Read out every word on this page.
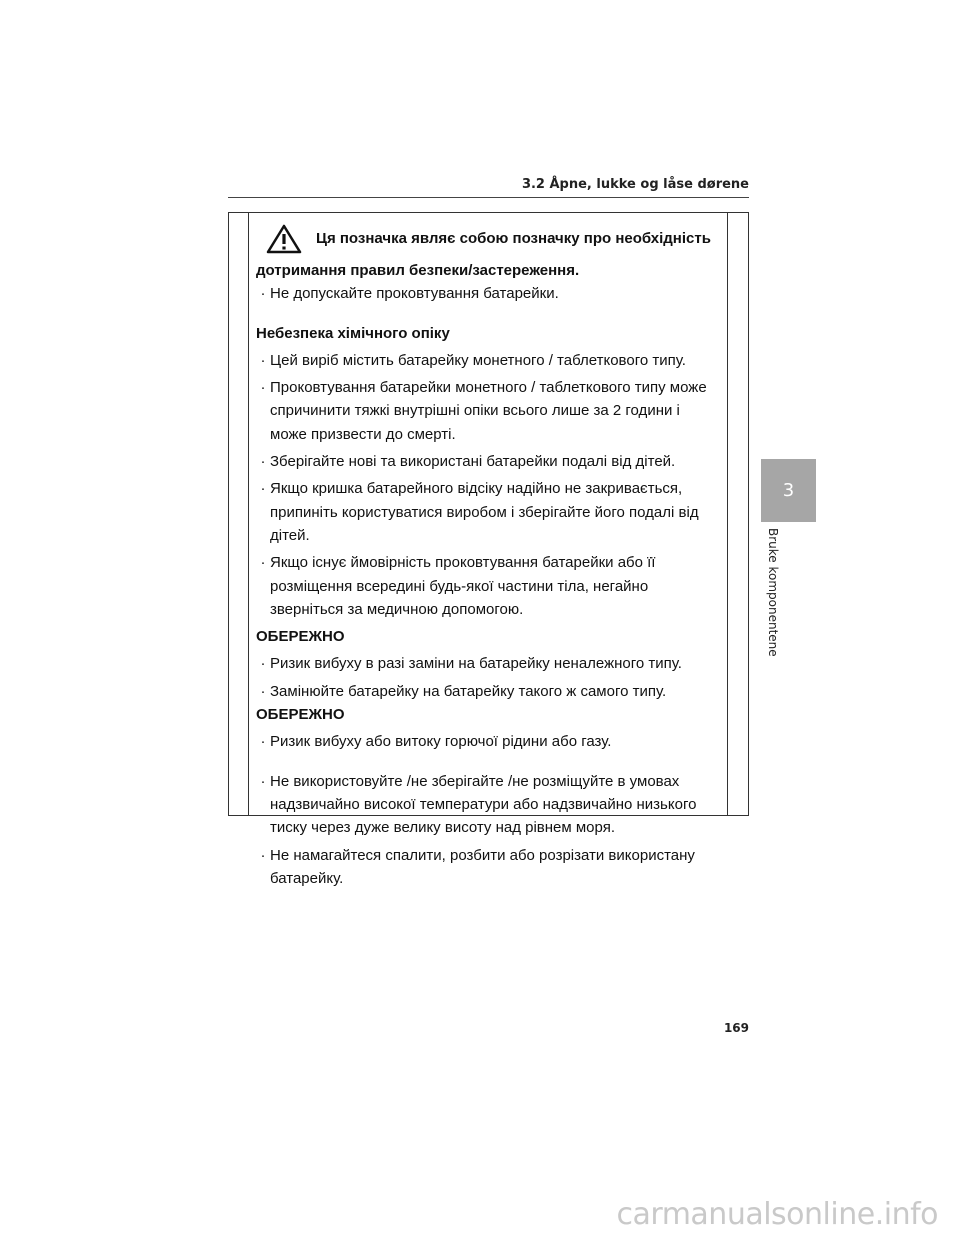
3.2 Åpne, lukke og låse dørene
Ця позначка являє собою позначку про необхідність

дотримання правил безпеки/застереження.

· Не допускайте проковтування батарейки.

Небезпека хімічного опіку

· Цей виріб містить батарейку монетного / таблеткового типу.

· Проковтування батарейки монетного / таблеткового типу може спричинити тяжкі внутрішні опіки всього лише за 2 години і може призвести до смерті.

· Зберігайте нові та використані батарейки подалі від дітей.

· Якщо кришка батарейного відсіку надійно не закривається, припиніть користуватися виробом і зберігайте його подалі від дітей.

· Якщо існує ймовірність проковтування батарейки або її розміщення всередині будь-якої частини тіла, негайно зверніться за медичною допомогою.

ОБЕРЕЖНО

· Ризик вибуху в разі заміни на батарейку неналежного типу.

· Замінюйте батарейку на батарейку такого ж самого типу.

ОБЕРЕЖНО

· Ризик вибуху або витоку горючої рідини або газу.

· Не використовуйте /не зберігайте /не розміщуйте в умовах надзвичайно високої температури або надзвичайно низького тиску через дуже велику висоту над рівнем моря.

· Не намагайтеся спалити, розбити або розрізати використану батарейку.

3
Bruke komponentene
169
carmanualsonline.info
